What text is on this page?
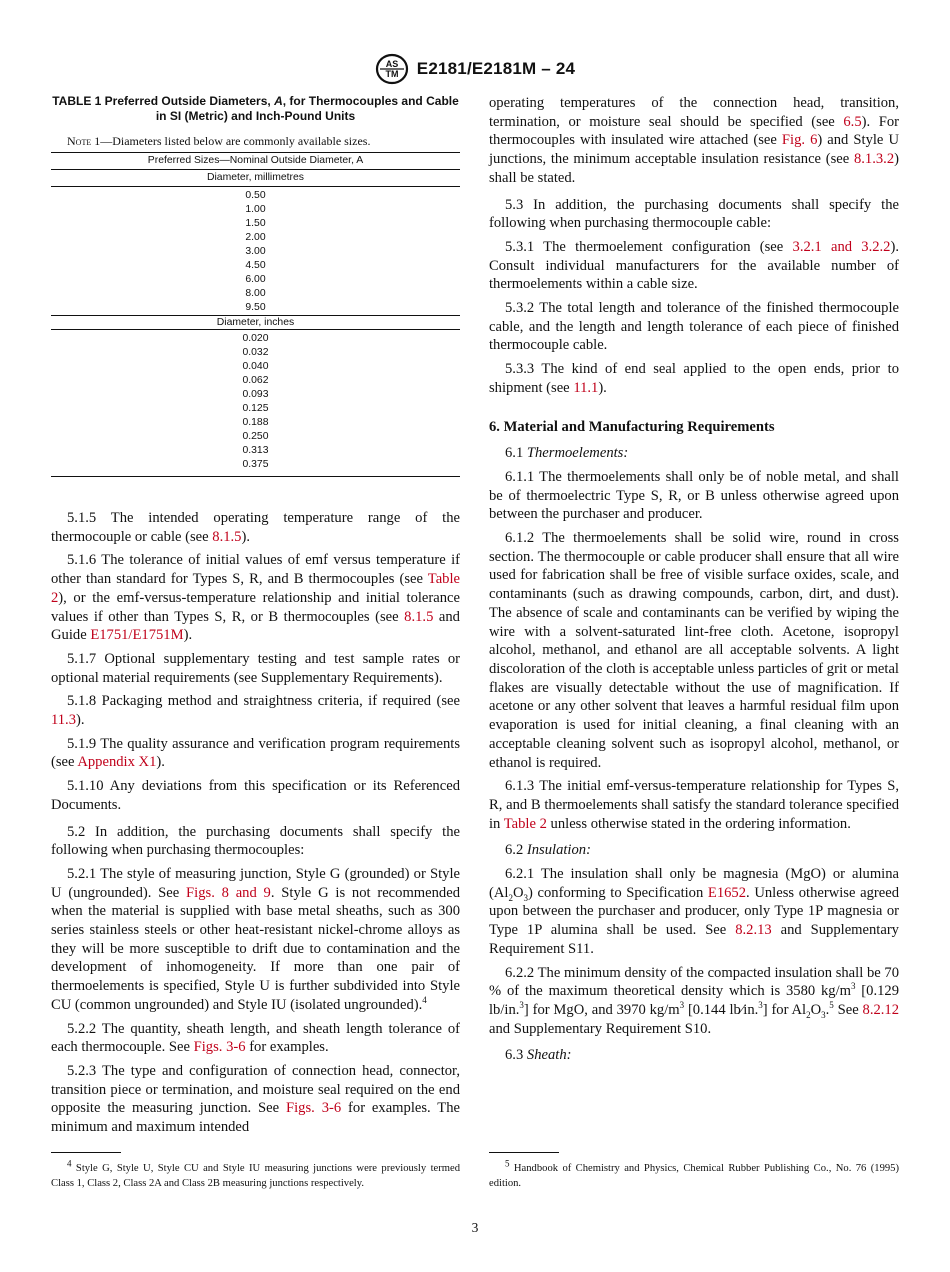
AS
TM E2181/E2181M – 24
TABLE 1 Preferred Outside Diameters, A, for Thermocouples and Cable in SI (Metric) and Inch-Pound Units
Note 1—Diameters listed below are commonly available sizes.
Preferred Sizes—Nominal Outside Diameter, A
Diameter, millimetres
0.50
1.00
1.50
2.00
3.00
4.50
6.00
8.00
9.50
Diameter, inches
0.020
0.032
0.040
0.062
0.093
0.125
0.188
0.250
0.313
0.375

5.1.5 The intended operating temperature range of the thermocouple or cable (see 8.1.5).

5.1.6 The tolerance of initial values of emf versus temperature if other than standard for Types S, R, and B thermocouples (see Table 2), or the emf-versus-temperature relationship and initial tolerance values if other than Types S, R, or B thermocouples (see 8.1.5 and Guide E1751/E1751M).

5.1.7 Optional supplementary testing and test sample rates or optional material requirements (see Supplementary Requirements).

5.1.8 Packaging method and straightness criteria, if required (see 11.3).

5.1.9 The quality assurance and verification program requirements (see Appendix X1).

5.1.10 Any deviations from this specification or its Referenced Documents.

5.2 In addition, the purchasing documents shall specify the following when purchasing thermocouples:

5.2.1 The style of measuring junction, Style G (grounded) or Style U (ungrounded). See Figs. 8 and 9. Style G is not recommended when the material is supplied with base metal sheaths, such as 300 series stainless steels or other heat-resistant nickel-chrome alloys as they will be more susceptible to drift due to contamination and the development of inhomogeneity. If more than one pair of thermoelements is specified, Style U is further subdivided into Style CU (common ungrounded) and Style IU (isolated ungrounded).$^4$

5.2.2 The quantity, sheath length, and sheath length tolerance of each thermocouple. See Figs. 3-6 for examples.

5.2.3 The type and configuration of connection head, connector, transition piece or termination, and moisture seal required on the end opposite the measuring junction. See Figs. 3-6 for examples. The minimum and maximum intended

operating temperatures of the connection head, transition, termination, or moisture seal should be specified (see 6.5). For thermocouples with insulated wire attached (see Fig. 6) and Style U junctions, the minimum acceptable insulation resistance (see 8.1.3.2) shall be stated.

5.3 In addition, the purchasing documents shall specify the following when purchasing thermocouple cable:

5.3.1 The thermoelement configuration (see 3.2.1 and 3.2.2). Consult individual manufacturers for the available number of thermoelements within a cable size.

5.3.2 The total length and tolerance of the finished thermocouple cable, and the length and length tolerance of each piece of finished thermocouple cable.

5.3.3 The kind of end seal applied to the open ends, prior to shipment (see 11.1).

6. Material and Manufacturing Requirements

6.1 Thermoelements:

6.1.1 The thermoelements shall only be of noble metal, and shall be of thermoelectric Type S, R, or B unless otherwise agreed upon between the purchaser and producer.

6.1.2 The thermoelements shall be solid wire, round in cross section. The thermocouple or cable producer shall ensure that all wire used for fabrication shall be free of visible surface oxides, scale, and contaminants (such as drawing compounds, carbon, dirt, and dust). The absence of scale and contaminants can be verified by wiping the wire with a solvent-saturated lint-free cloth. Acetone, isopropyl alcohol, methanol, and ethanol are all acceptable solvents. A light discoloration of the cloth is acceptable unless particles of grit or metal flakes are visually detectable without the use of magnification. If acetone or any other solvent that leaves a harmful residual film upon evaporation is used for initial cleaning, a final cleaning with an acceptable cleaning solvent such as isopropyl alcohol, methanol, or ethanol is required.

6.1.3 The initial emf-versus-temperature relationship for Types S, R, and B thermoelements shall satisfy the standard tolerance specified in Table 2 unless otherwise stated in the ordering information.

6.2 Insulation:

6.2.1 The insulation shall only be magnesia (MgO) or alumina $(Al_2O_3)$ conforming to Specification E1652. Unless otherwise agreed upon between the purchaser and producer, only Type 1P magnesia or Type 1P alumina shall be used. See 8.2.13 and Supplementary Requirement S11.

6.2.2 The minimum density of the compacted insulation shall be 70 % of the maximum theoretical density which is 3580 $kg/m^3$ [0.129 lb/in.$^3$] for MgO, and 3970 $kg/m^3$ [0.144 lb⁄in.$^3$] for $Al_2O_3.^5$ See 8.2.12 and Supplementary Requirement S10.

6.3 Sheath:

$^4$ Style G, Style U, Style CU and Style IU measuring junctions were previously termed Class 1, Class 2, Class 2A and Class 2B measuring junctions respectively.

$^5$ Handbook of Chemistry and Physics, Chemical Rubber Publishing Co., No. 76 (1995) edition.

3
